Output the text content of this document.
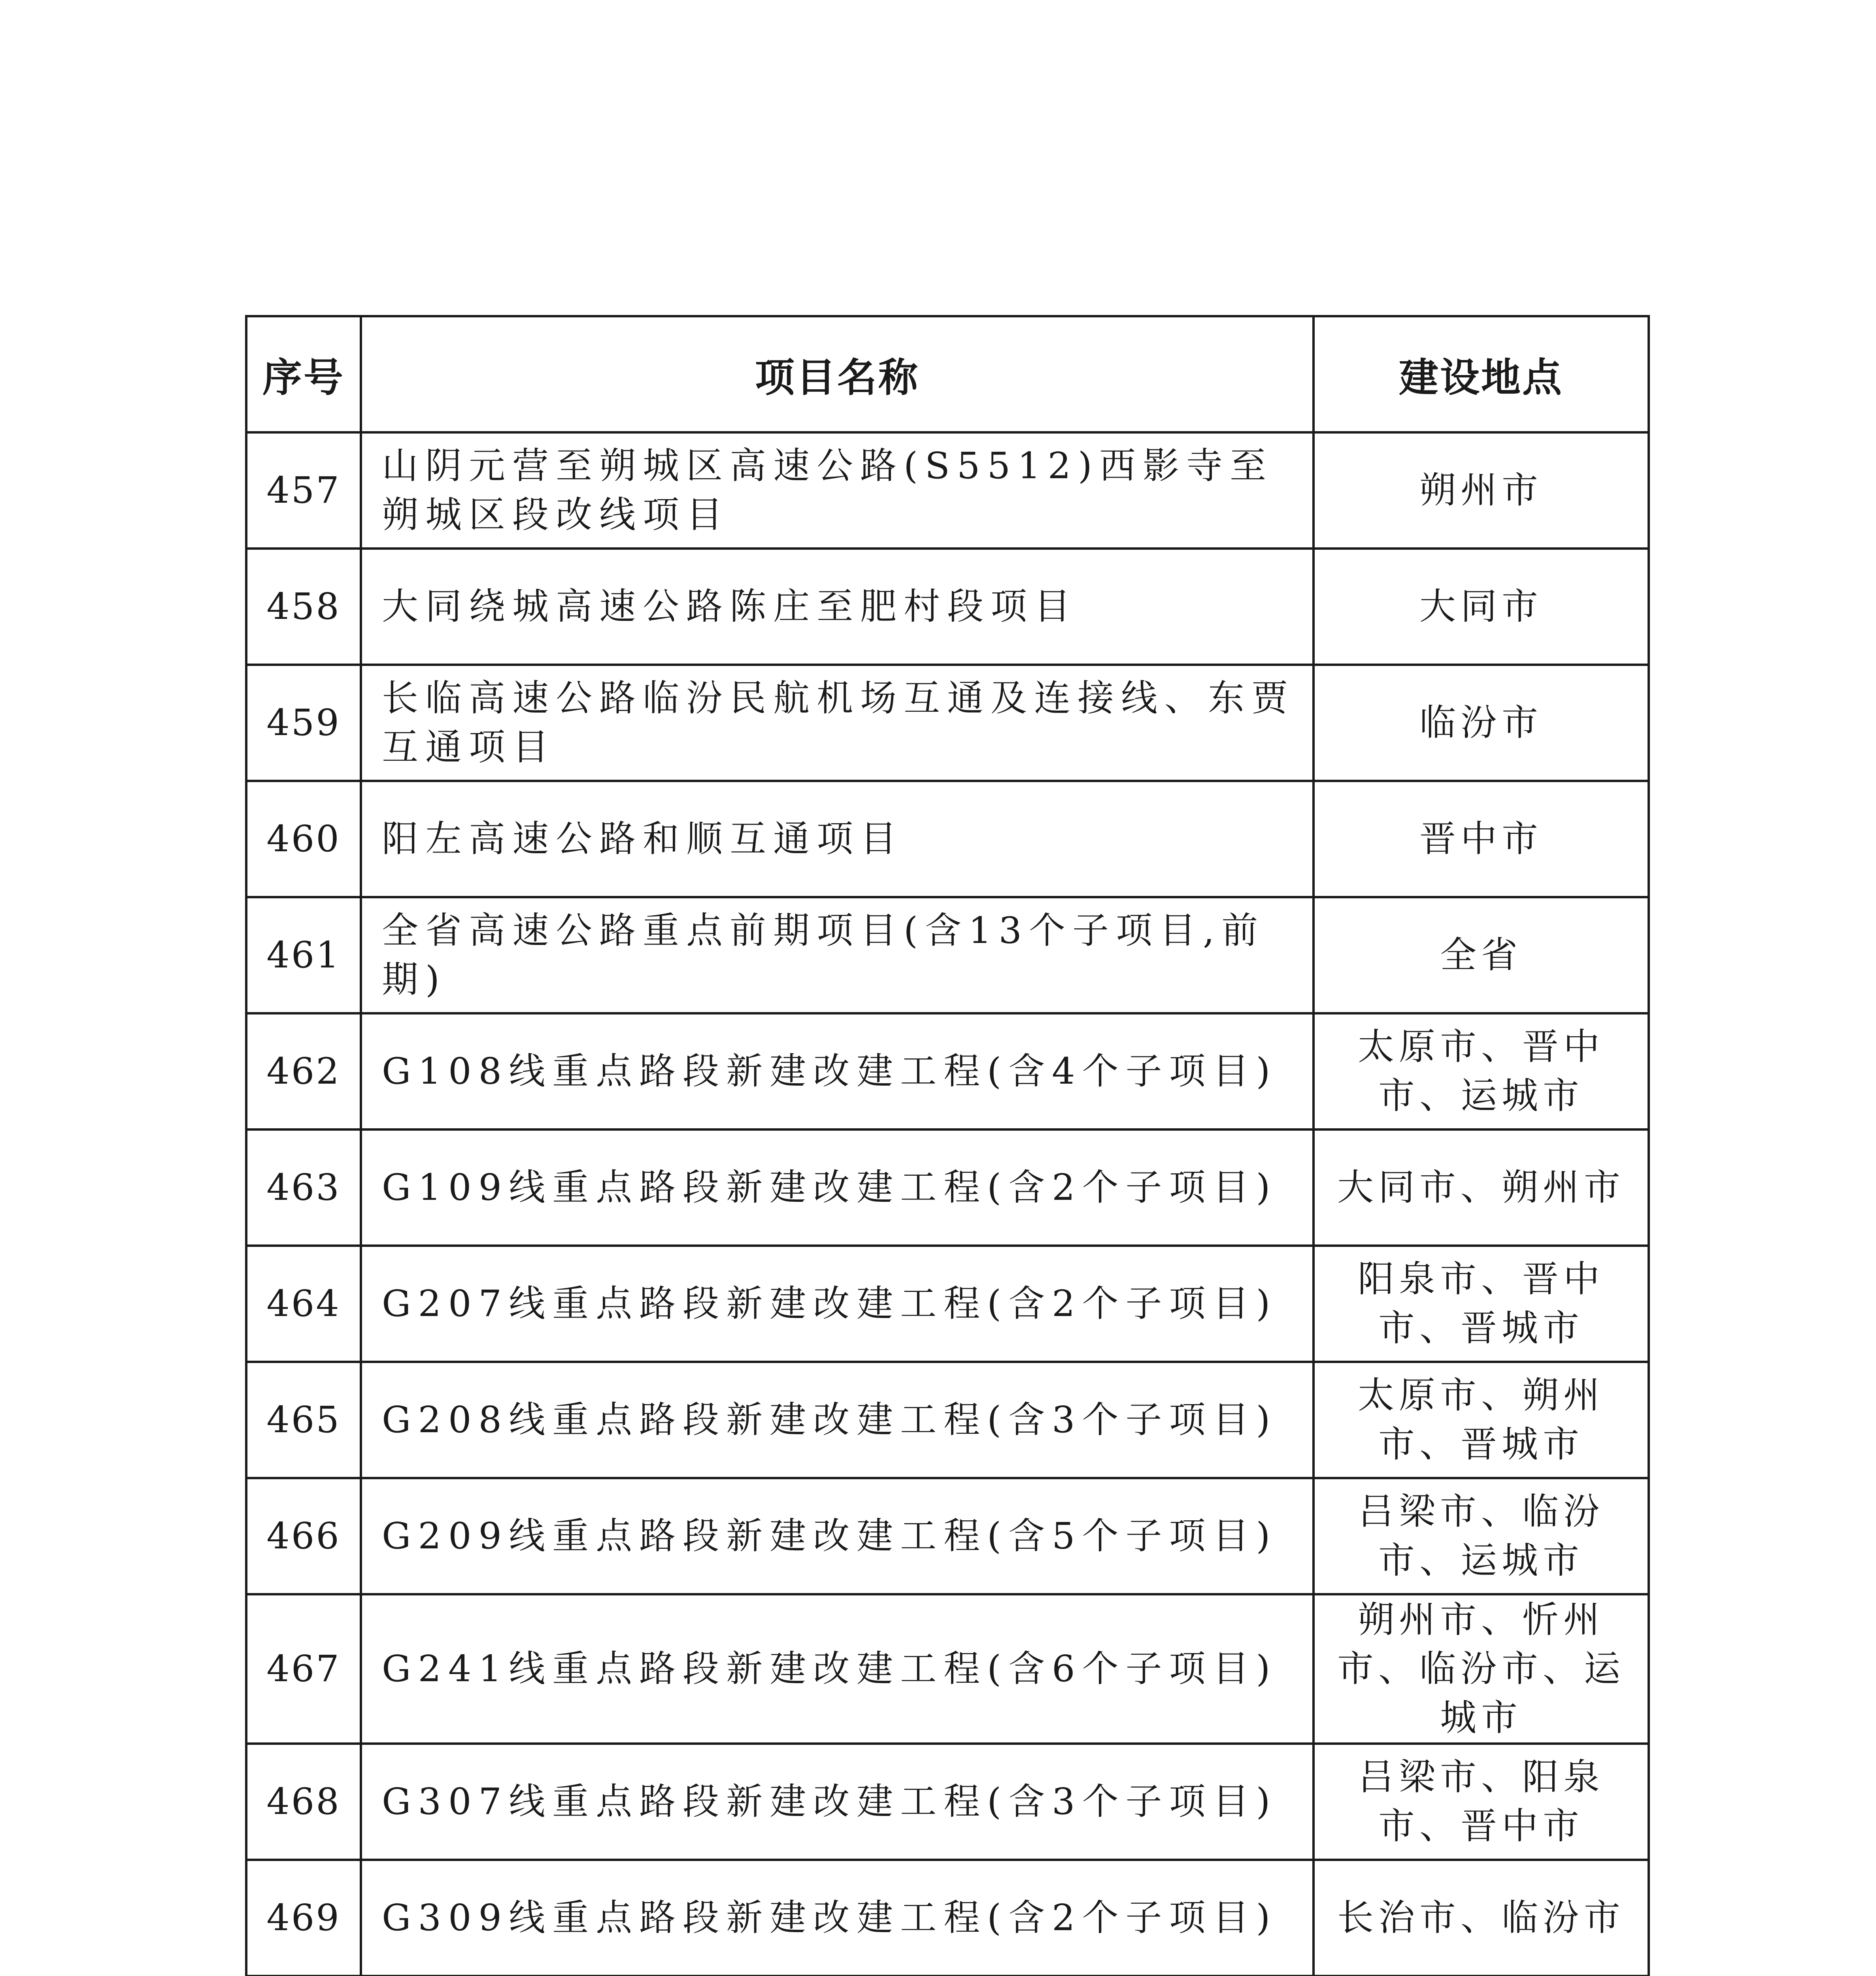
序号	项目名称	建设地点
457	山阴元营至朔城区高速公路(S5512)西影寺至朔城区段改线项目	朔州市
458	大同绕城高速公路陈庄至肥村段项目	大同市
459	长临高速公路临汾民航机场互通及连接线、东贾互通项目	临汾市
460	阳左高速公路和顺互通项目	晋中市
461	全省高速公路重点前期项目(含13个子项目,前期)	全省
462	G108线重点路段新建改建工程(含4个子项目)	太原市、晋中市、运城市
463	G109线重点路段新建改建工程(含2个子项目)	大同市、朔州市
464	G207线重点路段新建改建工程(含2个子项目)	阳泉市、晋中市、晋城市
465	G208线重点路段新建改建工程(含3个子项目)	太原市、朔州市、晋城市
466	G209线重点路段新建改建工程(含5个子项目)	吕梁市、临汾市、运城市
467	G241线重点路段新建改建工程(含6个子项目)	朔州市、忻州市、临汾市、运城市
468	G307线重点路段新建改建工程(含3个子项目)	吕梁市、阳泉市、晋中市
469	G309线重点路段新建改建工程(含2个子项目)	长治市、临汾市
